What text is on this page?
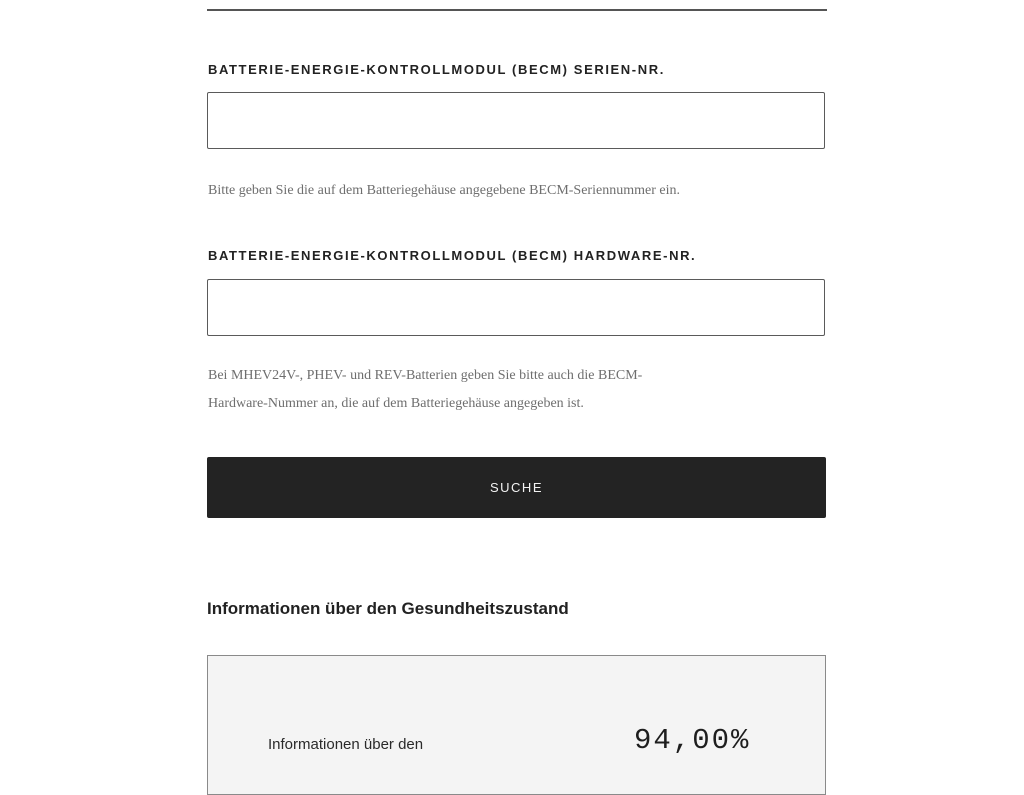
BATTERIE-ENERGIE-KONTROLLMODUL (BECM) SERIEN-NR.
Bitte geben Sie die auf dem Batteriegehäuse angegebene BECM-Seriennummer ein.
BATTERIE-ENERGIE-KONTROLLMODUL (BECM) HARDWARE-NR.
Bei MHEV24V-, PHEV- und REV-Batterien geben Sie bitte auch die BECM-
Hardware-Nummer an, die auf dem Batteriegehäuse angegeben ist.
SUCHE
Informationen über den Gesundheitszustand
Informationen über den	94,00%
